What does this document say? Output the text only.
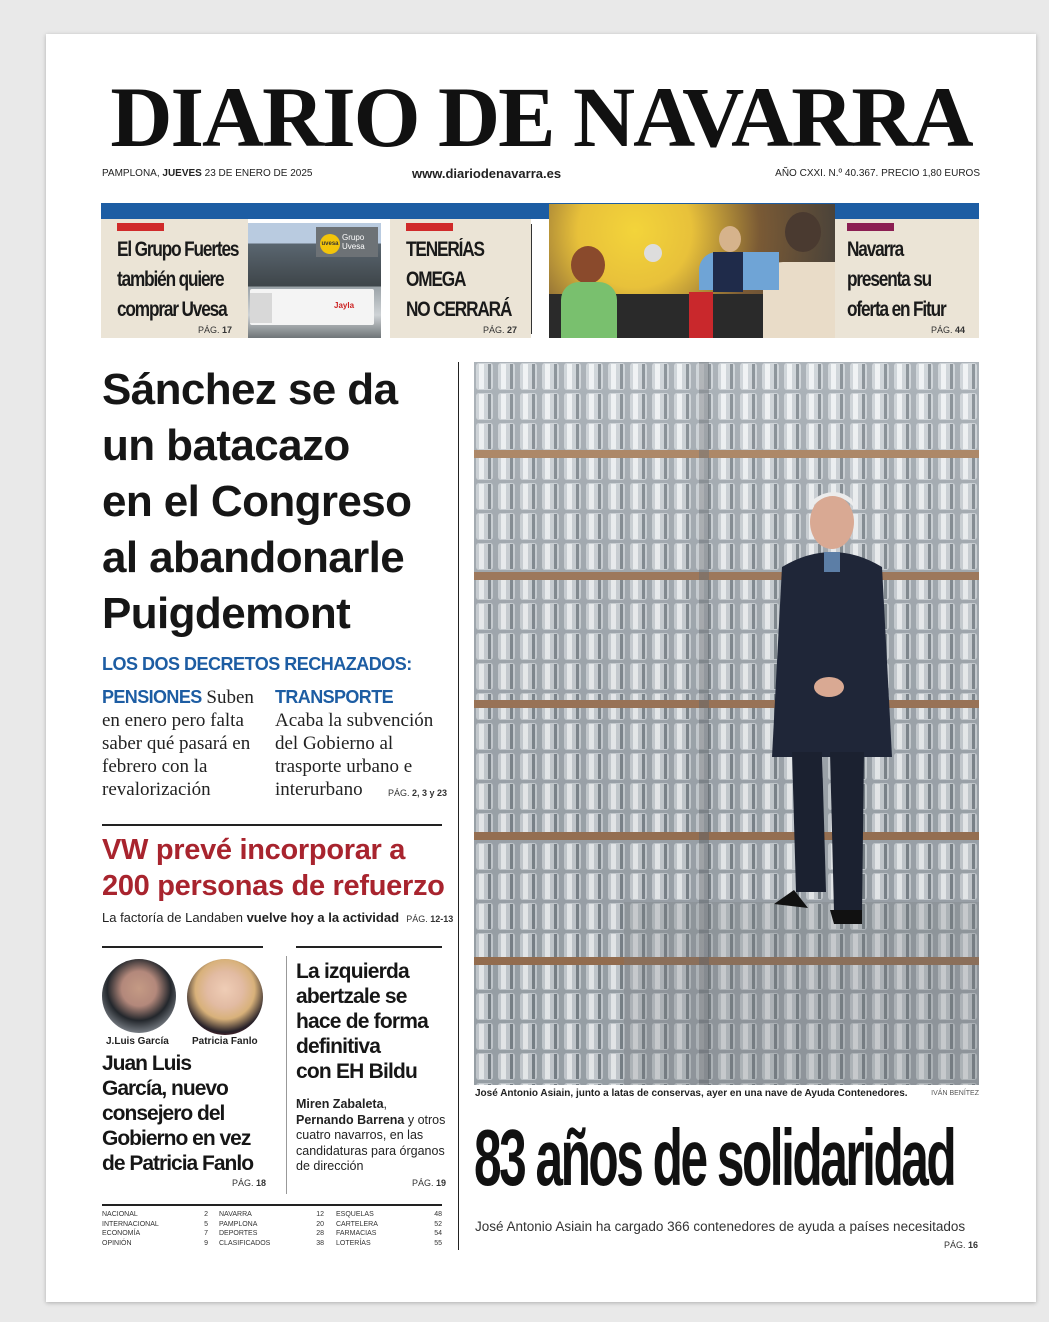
DIARIO DE NAVARRA
PAMPLONA, JUEVES 23 DE ENERO DE 2025	www.diariodenavarra.es	AÑO CXXI. N.º 40.367. PRECIO 1,80 EUROS
El Grupo Fuertes
también quiere
comprar Uvesa
PÁG. 17
uvesa
Grupo
Uvesa
Jayla
TENERÍAS
OMEGA
NO CERRARÁ
PÁG. 27
Navarra
presenta su
oferta en Fitur
PÁG. 44
Sánchez se da
un batacazo
en el Congreso
al abandonarle
Puigdemont
LOS DOS DECRETOS RECHAZADOS:
PENSIONES Suben en enero pero falta saber qué pasará en febrero con la revalorización
TRANSPORTE Acaba la subvención del Gobierno al trasporte urbano e interurbano	PÁG. 2, 3 y 23
VW prevé incorporar a
200 personas de refuerzo
La factoría de Landaben vuelve hoy a la actividad PÁG. 12-13
J.Luis García Patricia Fanlo
Juan Luis
García, nuevo
consejero del
Gobierno en vez
de Patricia Fanlo
PÁG. 18
La izquierda
abertzale se
hace de forma
definitiva
con EH Bildu
Miren Zabaleta, Pernando Barrena y otros cuatro navarros, en las candidaturas para órganos de dirección
PÁG. 19
NACIONAL	2
INTERNACIONAL	5
ECONOMÍA	7
OPINIÓN	9
NAVARRA	12
PAMPLONA	20
DEPORTES	28
CLASIFICADOS	38
ESQUELAS	48
CARTELERA	52
FARMACIAS	54
LOTERÍAS	55
José Antonio Asiain, junto a latas de conservas, ayer en una nave de Ayuda Contenedores.	IVÁN BENÍTEZ
83 años de solidaridad
José Antonio Asiain ha cargado 366 contenedores de ayuda a países necesitados
PÁG. 16
